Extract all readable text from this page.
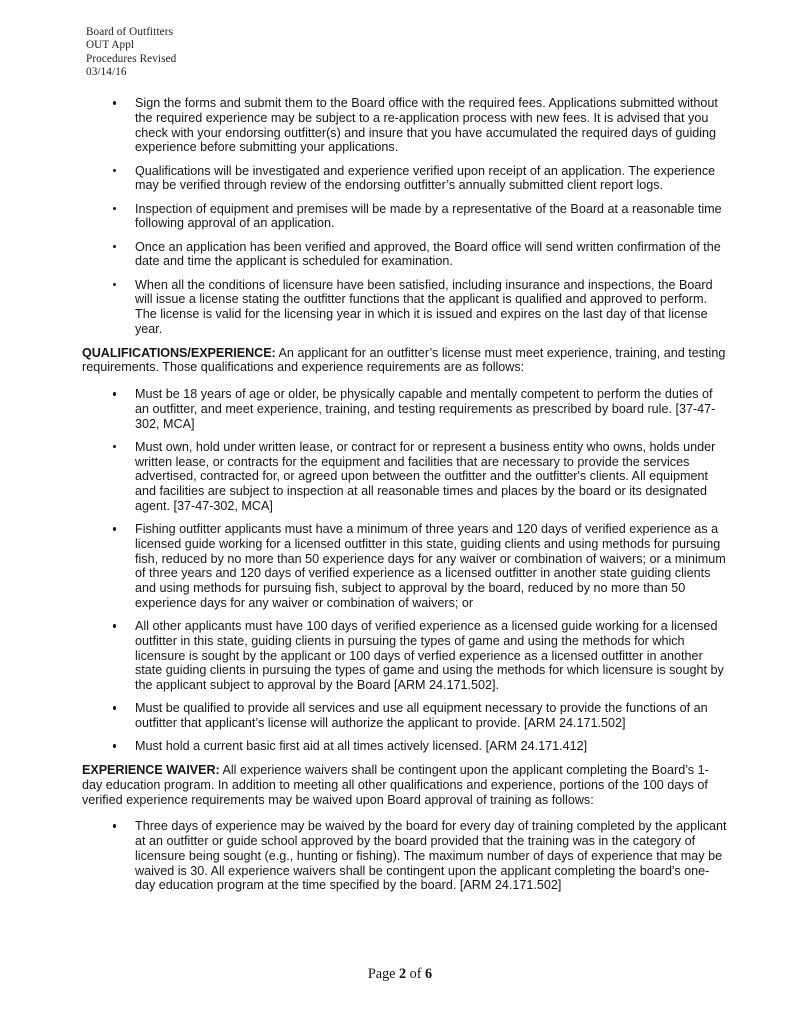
Board of Outfitters
OUT Appl
Procedures Revised
03/14/16
Sign the forms and submit them to the Board office with the required fees. Applications submitted without the required experience may be subject to a re-application process with new fees. It is advised that you check with your endorsing outfitter(s) and insure that you have accumulated the required days of guiding experience before submitting your applications.
Qualifications will be investigated and experience verified upon receipt of an application. The experience may be verified through review of the endorsing outfitter’s annually submitted client report logs.
Inspection of equipment and premises will be made by a representative of the Board at a reasonable time following approval of an application.
Once an application has been verified and approved, the Board office will send written confirmation of the date and time the applicant is scheduled for examination.
When all the conditions of licensure have been satisfied, including insurance and inspections, the Board will issue a license stating the outfitter functions that the applicant is qualified and approved to perform. The license is valid for the licensing year in which it is issued and expires on the last day of that license year.

QUALIFICATIONS/EXPERIENCE: An applicant for an outfitter’s license must meet experience, training, and testing requirements. Those qualifications and experience requirements are as follows:

Must be 18 years of age or older, be physically capable and mentally competent to perform the duties of an outfitter, and meet experience, training, and testing requirements as prescribed by board rule. [37-47-302, MCA]
Must own, hold under written lease, or contract for or represent a business entity who owns, holds under written lease, or contracts for the equipment and facilities that are necessary to provide the services advertised, contracted for, or agreed upon between the outfitter and the outfitter's clients. All equipment and facilities are subject to inspection at all reasonable times and places by the board or its designated agent. [37-47-302, MCA]
Fishing outfitter applicants must have a minimum of three years and 120 days of verified experience as a licensed guide working for a licensed outfitter in this state, guiding clients and using methods for pursuing fish, reduced by no more than 50 experience days for any waiver or combination of waivers; or a minimum of three years and 120 days of verified experience as a licensed outfitter in another state guiding clients and using methods for pursuing fish, subject to approval by the board, reduced by no more than 50 experience days for any waiver or combination of waivers; or
All other applicants must have 100 days of verified experience as a licensed guide working for a licensed outfitter in this state, guiding clients in pursuing the types of game and using the methods for which licensure is sought by the applicant or 100 days of verfied experience as a licensed outfitter in another state guiding clients in pursuing the types of game and using the methods for which licensure is sought by the applicant subject to approval by the Board [ARM 24.171.502].
Must be qualified to provide all services and use all equipment necessary to provide the functions of an outfitter that applicant’s license will authorize the applicant to provide. [ARM 24.171.502]
Must hold a current basic first aid at all times actively licensed. [ARM 24.171.412]

EXPERIENCE WAIVER: All experience waivers shall be contingent upon the applicant completing the Board’s 1-day education program. In addition to meeting all other qualifications and experience, portions of the 100 days of verified experience requirements may be waived upon Board approval of training as follows:

Three days of experience may be waived by the board for every day of training completed by the applicant at an outfitter or guide school approved by the board provided that the training was in the category of licensure being sought (e.g., hunting or fishing). The maximum number of days of experience that may be waived is 30. All experience waivers shall be contingent upon the applicant completing the board's one-day education program at the time specified by the board. [ARM 24.171.502]
Page 2 of 6
